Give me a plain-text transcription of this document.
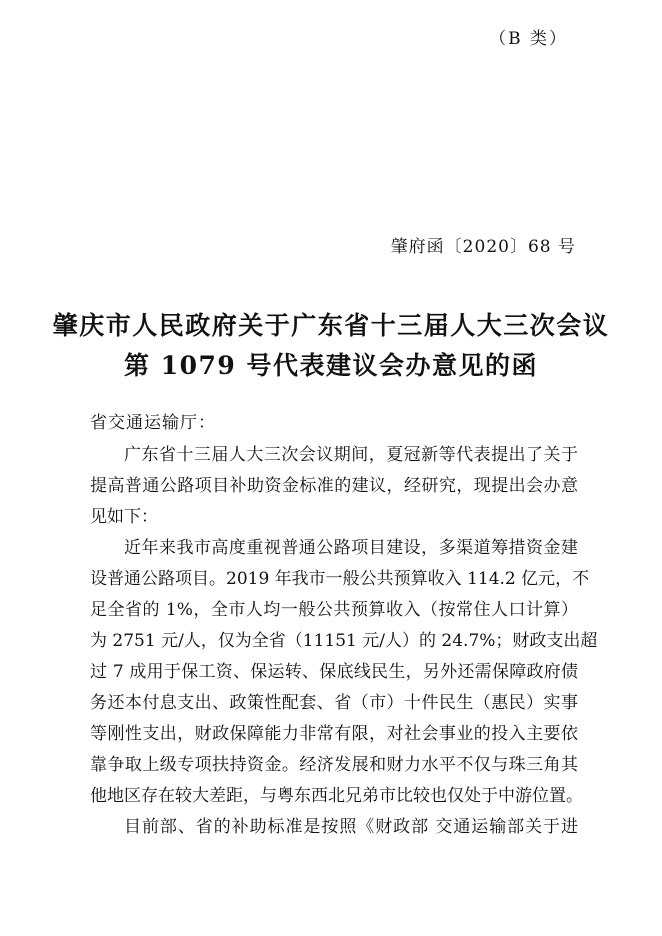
（B 类）
肇府函〔2020〕68 号
肇庆市人民政府关于广东省十三届人大三次会议
第 1079 号代表建议会办意见的函
省交通运输厅：
广东省十三届人大三次会议期间，夏冠新等代表提出了关于
提高普通公路项目补助资金标准的建议，经研究，现提出会办意
见如下：
近年来我市高度重视普通公路项目建设，多渠道筹措资金建
设普通公路项目。2019 年我市一般公共预算收入 114.2 亿元，不
足全省的 1%，全市人均一般公共预算收入（按常住人口计算）
为 2751 元/人，仅为全省（11151 元/人）的 24.7%；财政支出超
过 7 成用于保工资、保运转、保底线民生，另外还需保障政府债
务还本付息支出、政策性配套、省（市）十件民生（惠民）实事
等刚性支出，财政保障能力非常有限，对社会事业的投入主要依
靠争取上级专项扶持资金。经济发展和财力水平不仅与珠三角其
他地区存在较大差距，与粤东西北兄弟市比较也仅处于中游位置。
目前部、省的补助标准是按照《财政部 交通运输部关于进
